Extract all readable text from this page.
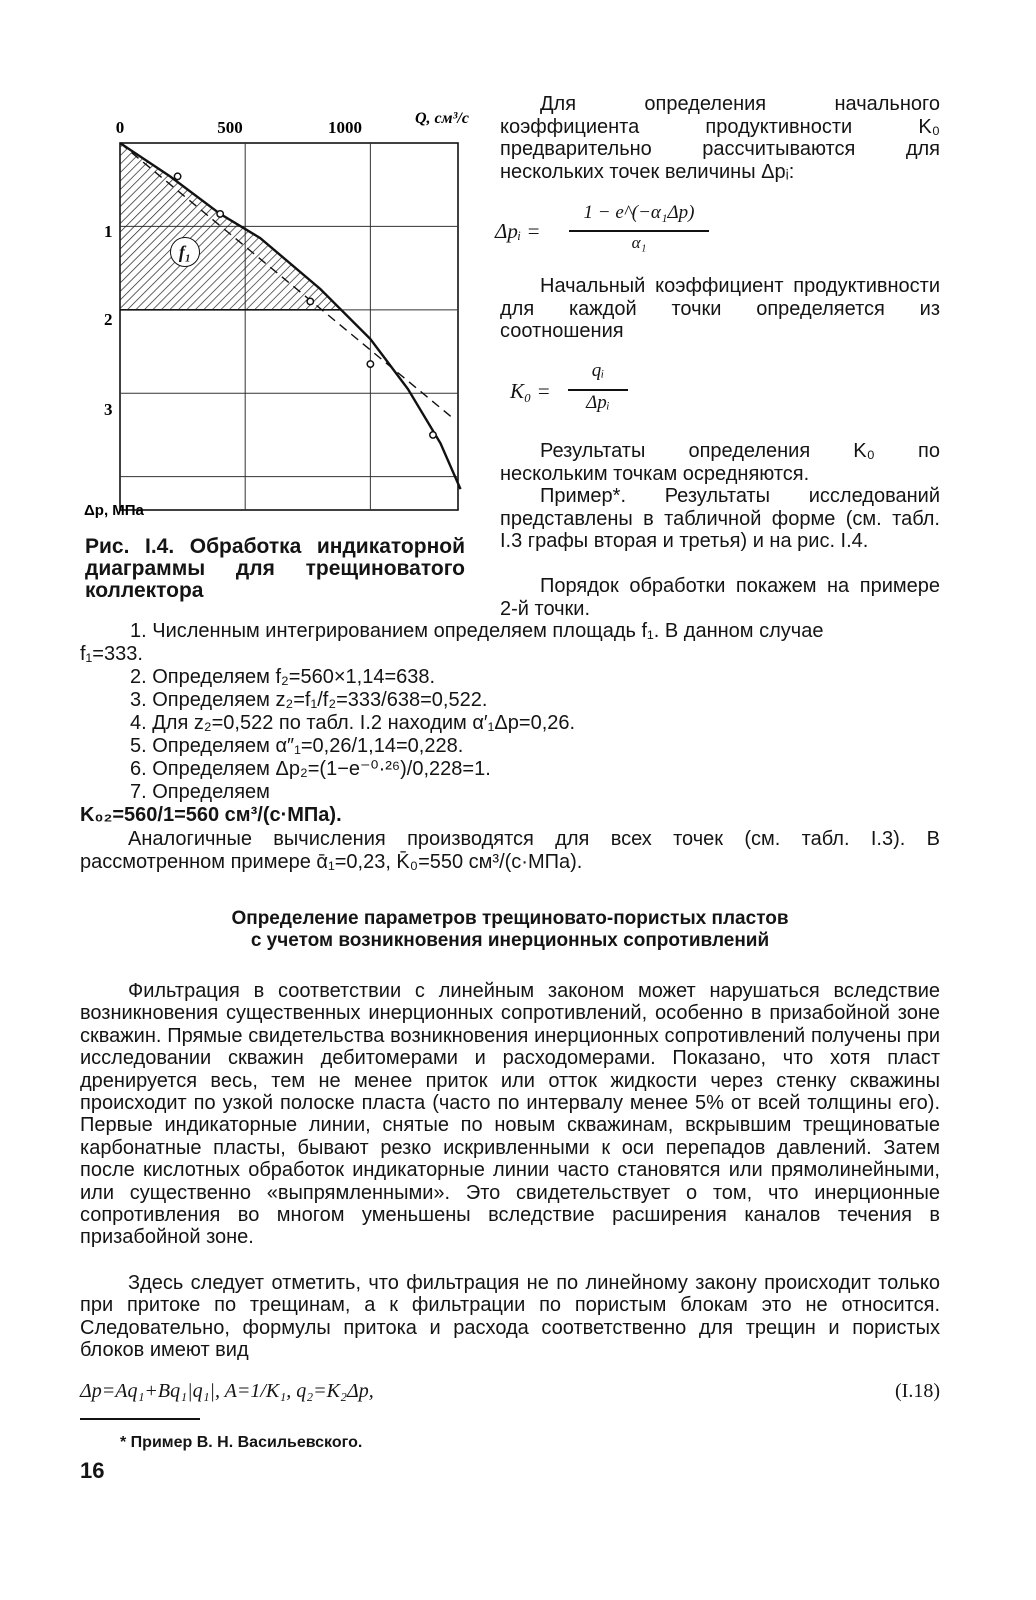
0	500	1000	Q, см³/с
1
2
3
Δp, МПа
f₁
Рис. I.4. Обработка индикаторной диаграммы для трещиноватого коллектора
Для определения начального коэффициента продуктивности K₀ предварительно рассчитываются для нескольких точек величины Δpᵢ:
Δpᵢ =
1 − e^(−α₁Δp)
α₁
Начальный коэффициент продуктивности для каждой точки определяется из соотношения
K₀ =
qᵢ
Δpᵢ
Результаты определения K₀ по нескольким точкам осредняются.
Пример*. Результаты исследований представлены в табличной форме (см. табл. I.3 графы вторая и третья) и на рис. I.4.
Порядок обработки покажем на примере 2-й точки.
1. Численным интегрированием определяем площадь f₁. В данном случае
f₁=333.
2. Определяем f₂=560×1,14=638.
3. Определяем z₂=f₁/f₂=333/638=0,522.
4. Для z₂=0,522 по табл. I.2 находим α′₁Δp=0,26.
5. Определяем α″₁=0,26/1,14=0,228.
6. Определяем Δp₂=(1−e⁻⁰·²⁶)/0,228=1.
7. Определяем
K₀₂=560/1=560 см³/(с·МПа).
Аналогичные вычисления производятся для всех точек (см. табл. I.3). В рассмотренном примере ᾱ₁=0,23, K̄₀=550 см³/(с·МПа).
Определение параметров трещиновато-пористых пластов
с учетом возникновения инерционных сопротивлений
Фильтрация в соответствии с линейным законом может нарушаться вследствие возникновения существенных инерционных сопротивлений, особенно в призабойной зоне скважин. Прямые свидетельства возникновения инерционных сопротивлений получены при исследовании скважин дебитомерами и расходомерами. Показано, что хотя пласт дренируется весь, тем не менее приток или отток жидкости через стенку скважины происходит по узкой полоске пласта (часто по интервалу менее 5% от всей толщины его). Первые индикаторные линии, снятые по новым скважинам, вскрывшим трещиноватые карбонатные пласты, бывают резко искривленными к оси перепадов давлений. Затем после кислотных обработок индикаторные линии часто становятся или прямолинейными, или существенно «выпрямленными». Это свидетельствует о том, что инерционные сопротивления во многом уменьшены вследствие расширения каналов течения в призабойной зоне.
Здесь следует отметить, что фильтрация не по линейному закону происходит только при притоке по трещинам, а к фильтрации по пористым блокам это не относится. Следовательно, формулы притока и расхода соответственно для трещин и пористых блоков имеют вид
Δp=Aq₁+Bq₁|q₁|, A=1/K₁, q₂=K₂Δp,	(I.18)
* Пример В. Н. Васильевского.
16
